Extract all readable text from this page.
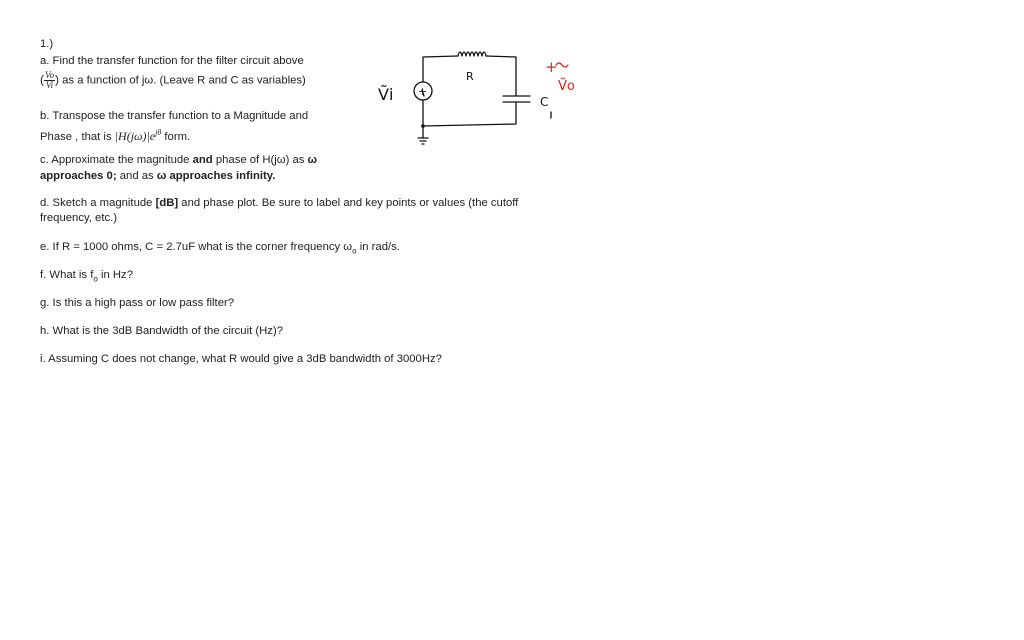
1.)

a. Find the transfer function for the filter circuit above

( $\frac{Vo}{Vi}$ ) as a function of jω. (Leave R and C as variables)

b. Transpose the transfer function to a Magnitude and

Phase , that is $|H(j\omega)|e^{j\theta}$ form.

c. Approximate the magnitude and phase of H(jω) as ω

approaches 0; and as ω approaches infinity.

d. Sketch a magnitude [dB] and phase plot. Be sure to label and key points or values (the cutoff

frequency, etc.)

e. If R = 1000 ohms, C = 2.7uF what is the corner frequency $\omega_o$ in rad/s.

f. What is $f_o$ in Hz?

g. Is this a high pass or low pass filter?

h. What is the 3dB Bandwidth of the circuit (Hz)?

i. Assuming C does not change, what R would give a 3dB bandwidth of 3000Hz?

+
Ṽi
R
C
+
Ṽo
